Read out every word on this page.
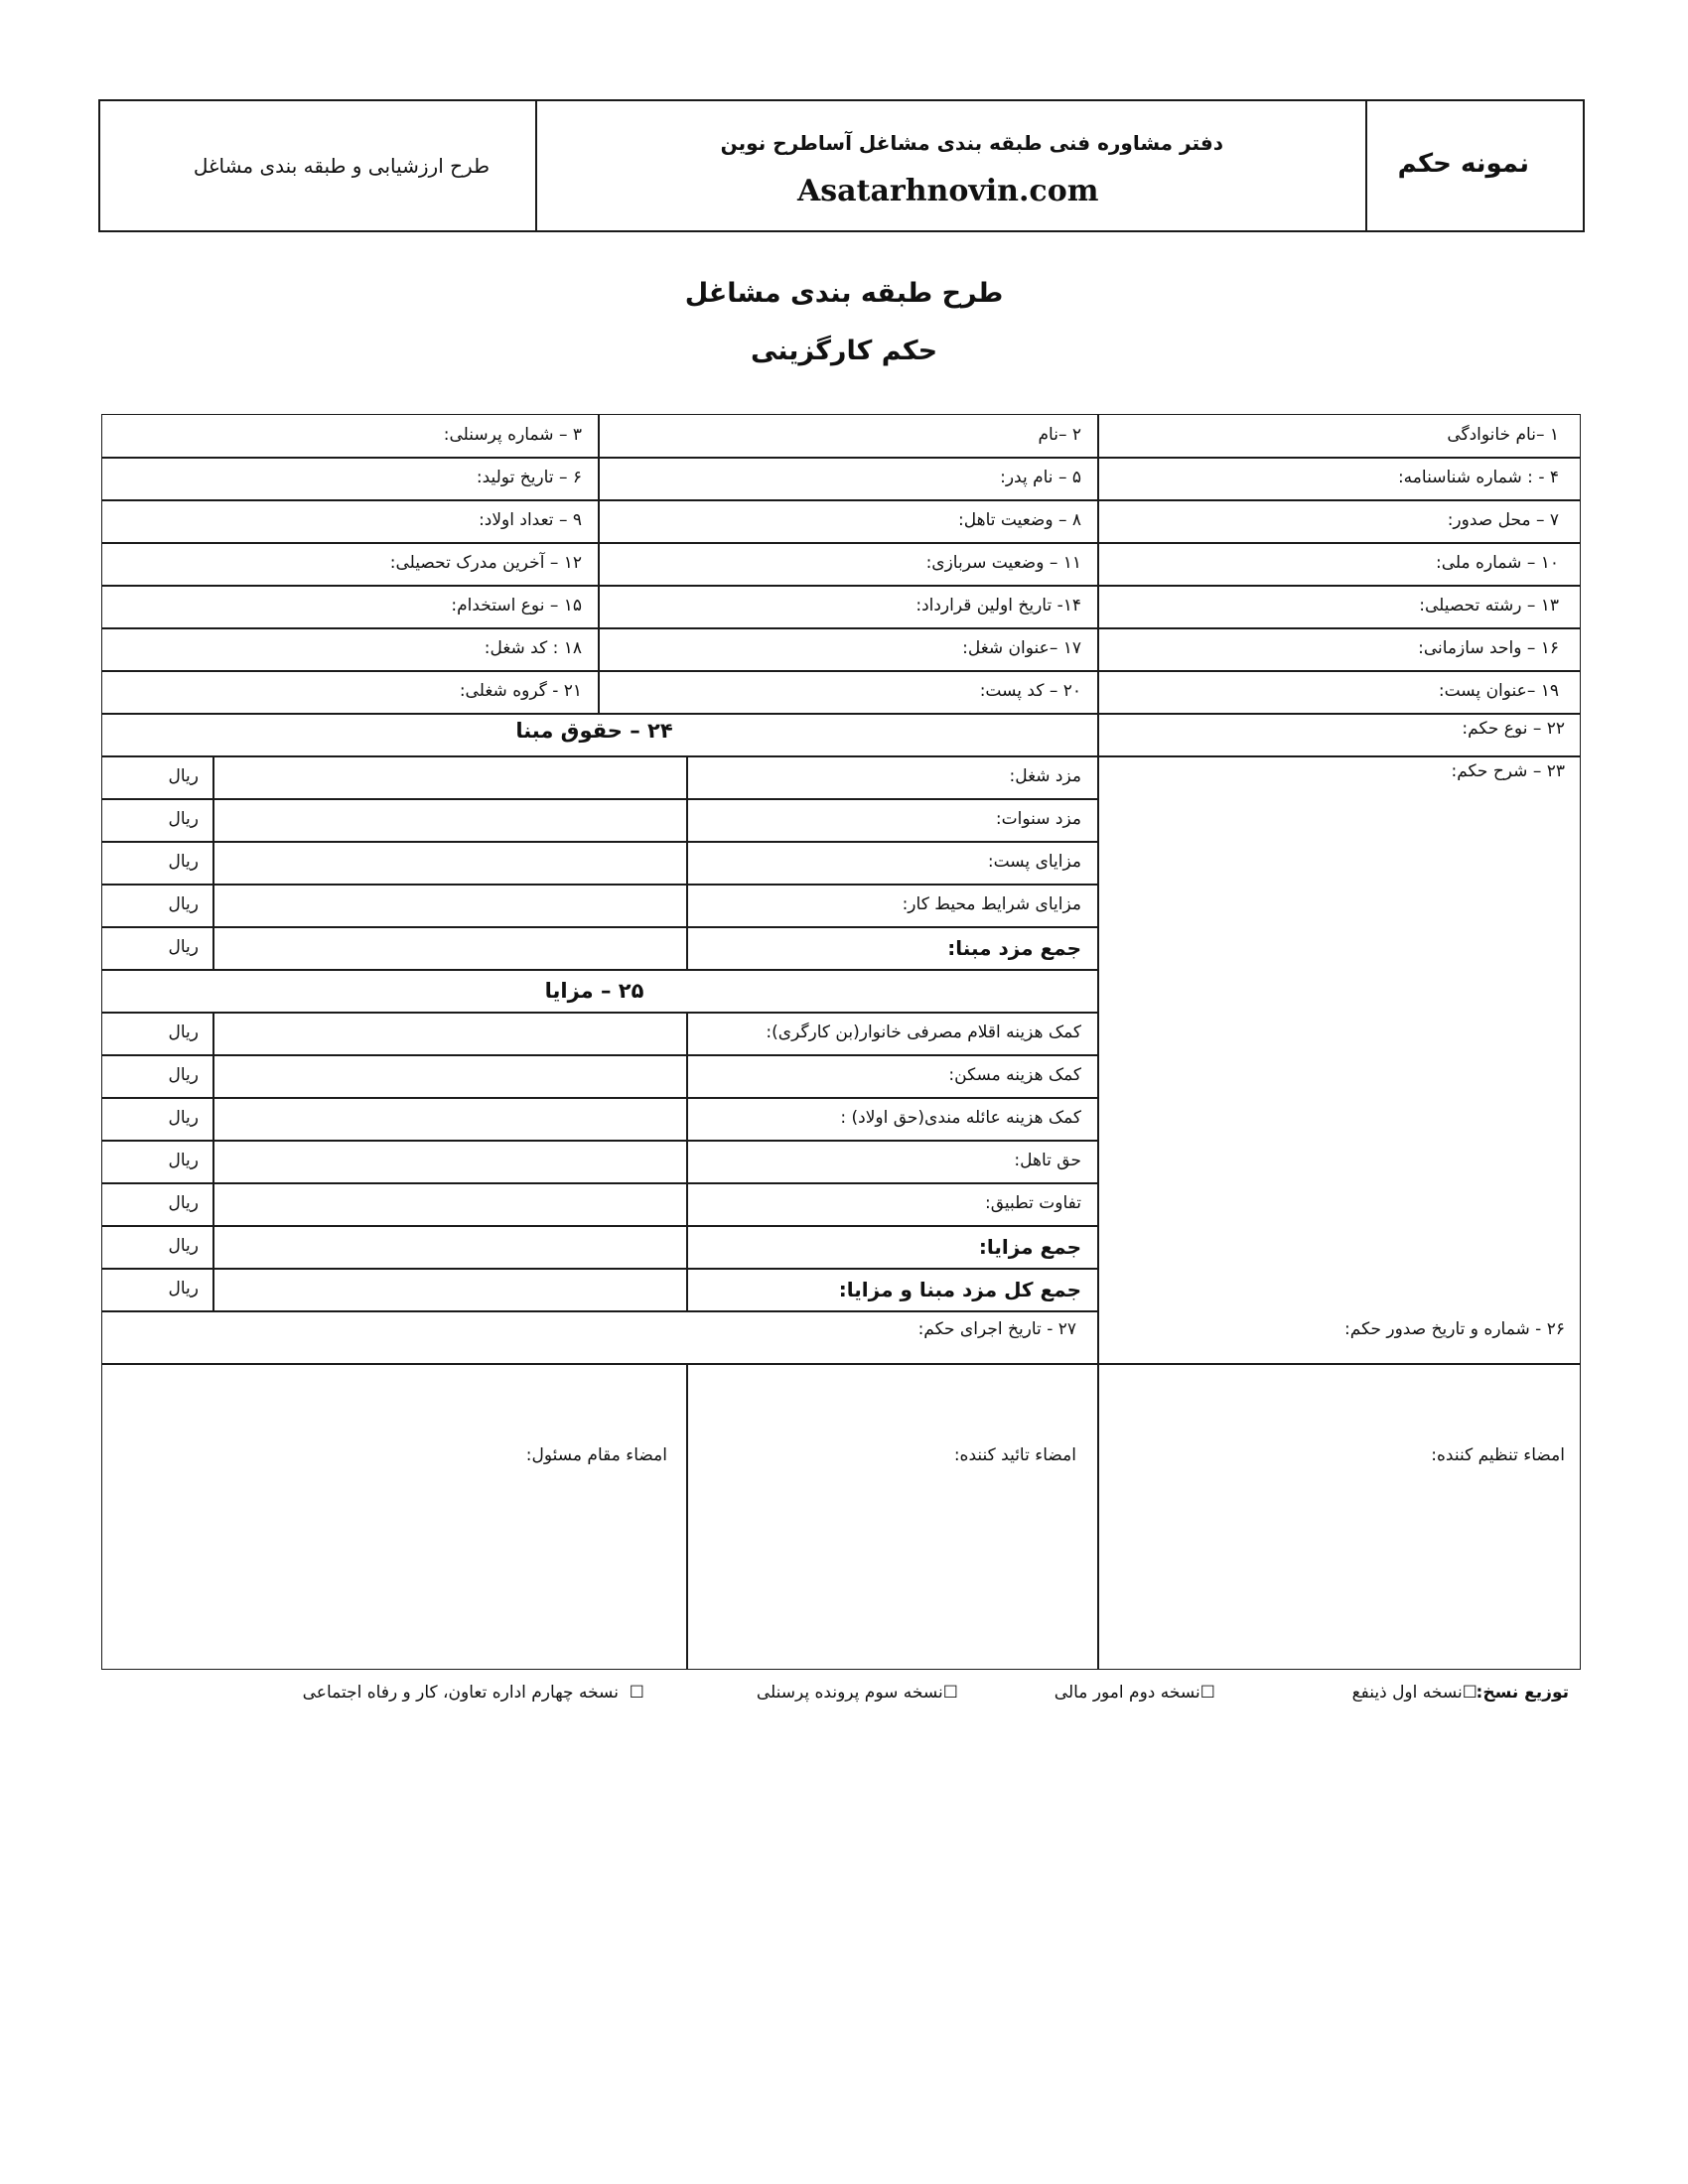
نمونه حکم
دفتر مشاوره فنی طبقه بندی مشاغل آساطرح نوین
Asatarhnovin.com
طرح ارزشیابی و طبقه بندی مشاغل
طرح طبقه بندی مشاغل
حکم کارگزینی
۱ –نام خانوادگی
۲ –نام
۳ – شماره پرسنلی:
۴ - : شماره شناسنامه:
۵ – نام پدر:
۶ – تاریخ تولید:
۷ – محل صدور:
۸ – وضعیت تاهل:
۹ – تعداد اولاد:
۱۰ – شماره ملی:
۱۱ – وضعیت سربازی:
۱۲ – آخرین مدرک تحصیلی:
۱۳ – رشته تحصیلی:
۱۴- تاریخ اولین قرارداد:
۱۵ – نوع استخدام:
۱۶ – واحد سازمانی:
۱۷ –عنوان شغل:
۱۸ : کد شغل:
۱۹ –عنوان پست:
۲۰ – کد پست:
۲۱ - گروه شغلی:
۲۲ – نوع حکم:
۲۳ – شرح حکم:
۲۴ – حقوق مبنا
۲۵ – مزایا
مزد شغل:
ریال
مزد سنوات:
ریال
مزایای پست:
ریال
مزایای شرایط محیط کار:
ریال
جمع مزد مبنا:
ریال
کمک هزینه اقلام مصرفی خانوار(بن کارگری):
ریال
کمک هزینه مسکن:
ریال
کمک هزینه عائله مندی(حق اولاد) :
ریال
حق تاهل:
ریال
تفاوت تطبیق:
ریال
جمع مزایا:
ریال
جمع کل مزد مبنا و مزایا:
ریال
۲۶ - شماره و تاریخ صدور حکم:
۲۷ - تاریخ اجرای حکم:
امضاء تنظیم کننده:
امضاء تائید کننده:
امضاء مقام مسئول:
توزیع نسخ:
☐نسخه اول ذینفع
☐نسخه دوم امور مالی
☐نسخه سوم پرونده پرسنلی
☐  نسخه چهارم اداره تعاون، کار و رفاه اجتماعی
